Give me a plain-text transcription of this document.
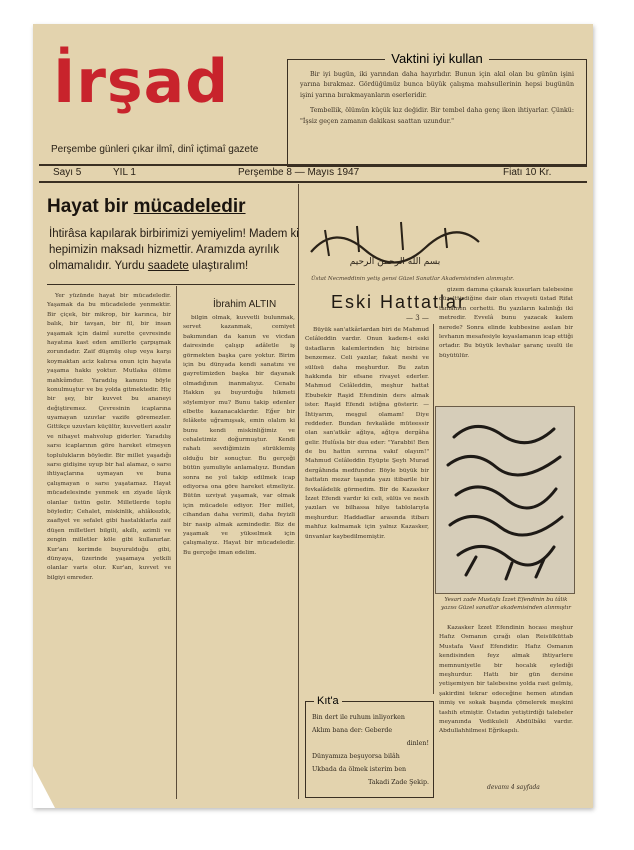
İrşad
Perşembe günleri çıkar ilmî, dinî içtimaî gazete
Vaktini iyi kullan

Bir iyi bugün, iki yarından daha hayırlıdır. Bunun için akıl olan bu günün işini yarına bırakmaz. Gördüğümüz bunca büyük çalışma mahsullerinin hepsi bugünün işini yarına bırakmayanların eserleridir.

Tembellik, ölümün küçük kız değidir. Bir tembel daha genç iken ihtiyarlar. Çünkü: "İşsiz geçen zamanın dakikası saattan uzundur."

Sayı 5	YIL 1	Perşembe 8 — Mayıs 1947	Fiatı 10 Kr.
Hayat bir mücadeledir
İhtirâsa kapılarak birbirimizi yemiyelim! Madem ki hepimizin maksadı hizmettir. Aramızda ayrılık olmamalıdır. Yurdu saadete ulaştıralım!
İbrahim ALTIN

Yer yüzünde hayat bir mücadeledir. Yaşamak da bu mücadelede yenmektir. Bir çiçek, bir mikrop, bir karınca, bir balık, bir tavşan, bir fil, bir insan yaşamak için daimî surette çevresinde hayatına kast eden amillerle çarpışmak zorundadır. Zaif düşmüş olup veya karşı koymaktan aciz kalırsa onun için hayata yaşama hakkı yoktur. Mutlaka ölüme mahkûmdur. Yaradılış kanunu böyle konulmuştur ve bu yolda gitmektedir. Hiç bir şey, bir kuvvet bu ananeyi değiştiremez. Çevresinin icaplarına uyamayan uzuvlar vazife göremezler. Gittikçe uzuvları küçülür, kuvvetleri azalır ve nihayet mahvolup giderler. Yaradılış sarsı icaplarının göre hareket etmeyen toplulukların böyledir. Bir millet yaşadığı sarsı gidişine uyup bir hal alamaz, o sarsı ihtiyaçlarına uymayan ve buna çalışmayan o sarsı yaşatamaz. Hayat mücadelesinde yenmek en ziyade lâyık olanlar üstün gelir. Milletlerde toplu böyledir; Cehalet, miskinlik, ahlâksızlık, zaafiyet ve sefalet gibi hastalıklarla zaif düşen milletleri bilgili, akıllı, azimli ve zengin milletler köle gibi kullanırlar. Kur'anı kerimde buyurulduğu gibi, dünyaya, üzerinde yaşamaya yetkili olanlar varis olur. Kur'an, kuvvet ve bilgiyi emreder.

bilgin olmak, kuvvetli bulunmak, servet kazanmak, cemiyet bakımından da kanun ve vicdan dairesinde çalışıp adâletle iş görmekten başka çare yoktur. Birim için bu dünyada kendi sanatını ve gayretimizden başka bir dayanak olmadığının inanmalıyız. Cenabı Hakkın şu buyurduğu hikmeti söylemiyor mu? Bunu takip edenler elbette kazanacaklardır. Eğer bir felâkete uğramışsak, emin olalım ki bunu kendi miskinliğimiz ve cehaletimiz doğurmuştur. Kendi rahatı sevdiğimizin sürüklemiş olduğu bir sonuçtur. Bu gerçeği bütün şumuliyle anlamalıyız. Bundan sonra ne yol takip edilmek icap ediyorsa ona göre hareket etmeliyiz. Bütün uzviyat yaşamak, var olmak için mücadele ediyor. Her millet, cihandan daha verimli, daha feyizli bir nasip almak azmindedir. Biz de yaşamak ve yükselmek için çalışmalıyız. Hayat bir mücadeledir. Bu gerçeğe iman edelim.

بسم الله الرحمن الرحيم
Üstat Necmeddinin yetiş gensi Güzel Sanatlar Akademisinden alınmıştır.
Eski Hattatlar
— 3 —

Büyük san'atkârlardan biri de Mahmud Celâleddin vardır. Onun kadem-i eski üstadların kalemlerinden hiç birisine benzemez. Celi yazılar, fakat neshi ve sülüsü daha meşhurdur. Bu zatın hakkında bir efsane rivayet ederler. Mahmud Celâleddin, meşhur hattat Ebubekir Raşid Efendinin ders almak ister. Raşid Efendi istiğna gösterir. — İhtiyarım, meşgul olamam! Diye reddeder. Bundan fevkalâde müteessir olan san'atkâr ağlıya, ağlıya dergâha gelir. Hulûsla bir dua eder: "Yarabbi! Ben de bu hattın sırrına vakıf olayım!" Mahmud Celâleddin Eyüpte Şeyh Murad dergâhında medfundur. Böyle büyük bir hattatın mezar taşında yazı itibarile bir fevkalâdelik görmedim. Bir de Kazasker İzzet Efendi vardır ki celi, sülüs ve nesih yazıları ve bilhassa hilye tablolarıyla meşhurdur. Haddadlar arasında itibarı mahfuz kalmamak için yalnız Kazasker, ünvanlar kaybedilmemiştir.

gizem damına çıkarak kusurları talebesine düzelttirdiğine dair olan rivayeti üstad Rifat tamamen cerhetti. Bu yazıların kalınlığı iki metredir. Evvelâ bunu yazacak kalem nerede? Sonra elinde kubbesine asılan bir levhanın mesafesiyle kıyaslamanın icap ettiği ortadır. Bu büyük levhalar şaranç usulü ile büyütülür.

Yesari zade Mustafa İzzet Efendinin bu tâlik yazısı Güzel sanatlar akademisinden alınmıştır

Kazasker İzzet Efendinin hocası meşhur Hafız Osmanın çırağı olan Reisülküttab Mustafa Vasıf Efendidir. Hafız Osmanın kendisinden feyz almak ihtiyarlere memnuniyetle bir hocalık eylediği meşhurdur. Hattı bir gün dersine yetişemiyen bir talebesine yolda rast gelmiş, şakirdini tekrar edeceğine hemen atından inmiş ve sokak başında çömelerek meşkini tashih etmiştir. Üstadın yetiştirdiği talebeler meyanında Vedikuleli Abdülbâki vardır. Abdullahhilmesi Eğrikapılı.

devamı 4 sayfada
Kıt'a
Bin dert ile ruhum inliyorken
Aklım bana der: Geberde
dinlen!
Dünyamıza beşuyorsa bilâh
Ukbada da ölmek isterim ben
Takadi Zade Şekip.
